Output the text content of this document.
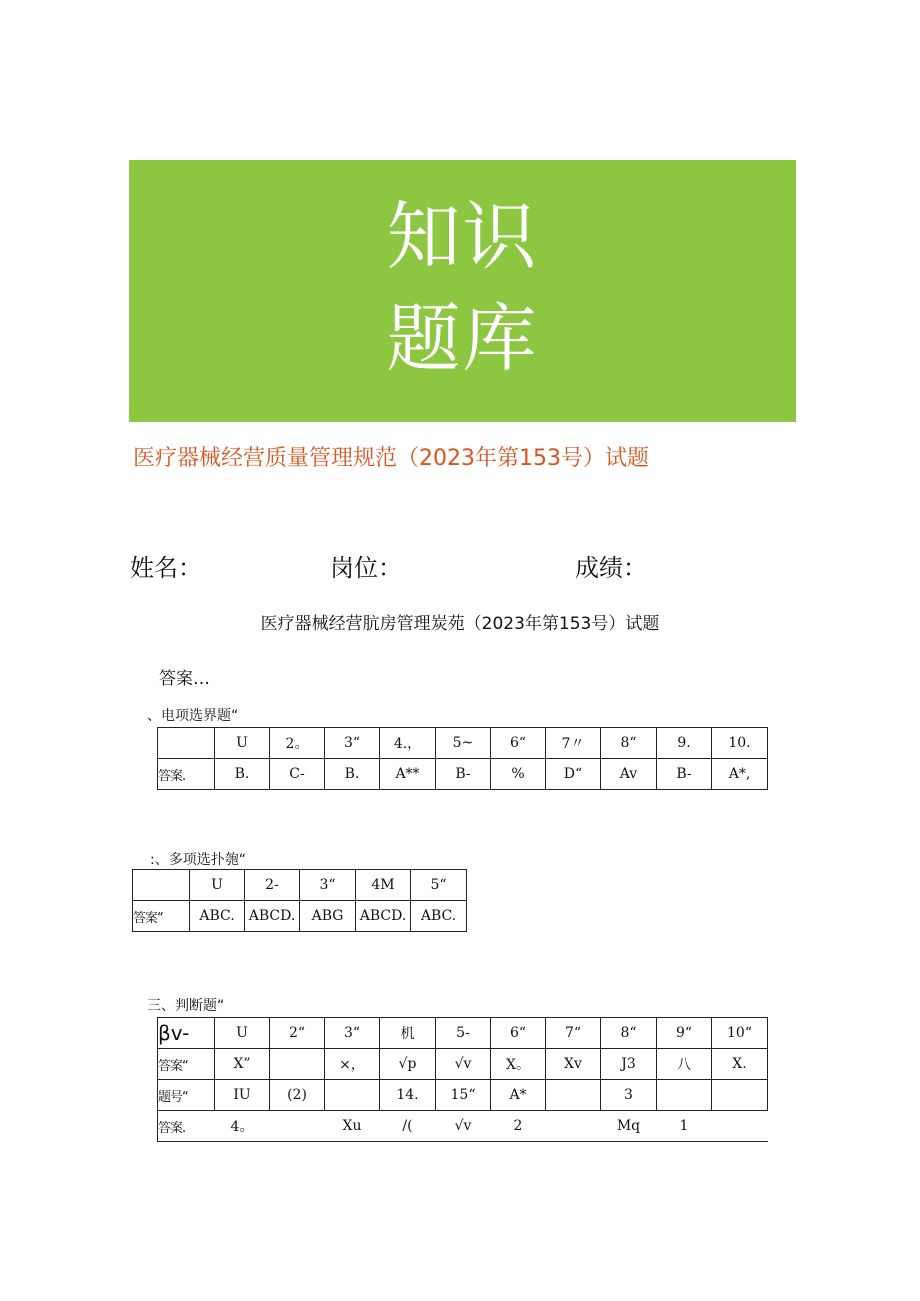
知识
题库
医疗器械经营质量管理规范（2023年第153号）试题
姓名：	岗位：	成绩：
医疗器械经营肮房管理炭苑（2023年第153号）试题
答案…
、电项选界题“
	U	2。	3“	4.，	5~	6“	7〃	8“	9.	10.
答案.	B.	C-	B.	A**	B-	%	D“	Av	B-	A*,
:、多项选扑匏“
	U	2-	3“	4M	5“
答案“	ABC.	ABCD.	ABG	ABCD.	ABC.
三、判断题“
βv-	U	2“	3“	机	5-	6“	7“	8“	9“	10“
答案“	X”		×，	√p	√v	X。	Xv	J3	八	X.
题号“	IU	(2)		14.	15“	A*		3		
答案.	4。		Xu	/(	√v	2		Mq	1	
